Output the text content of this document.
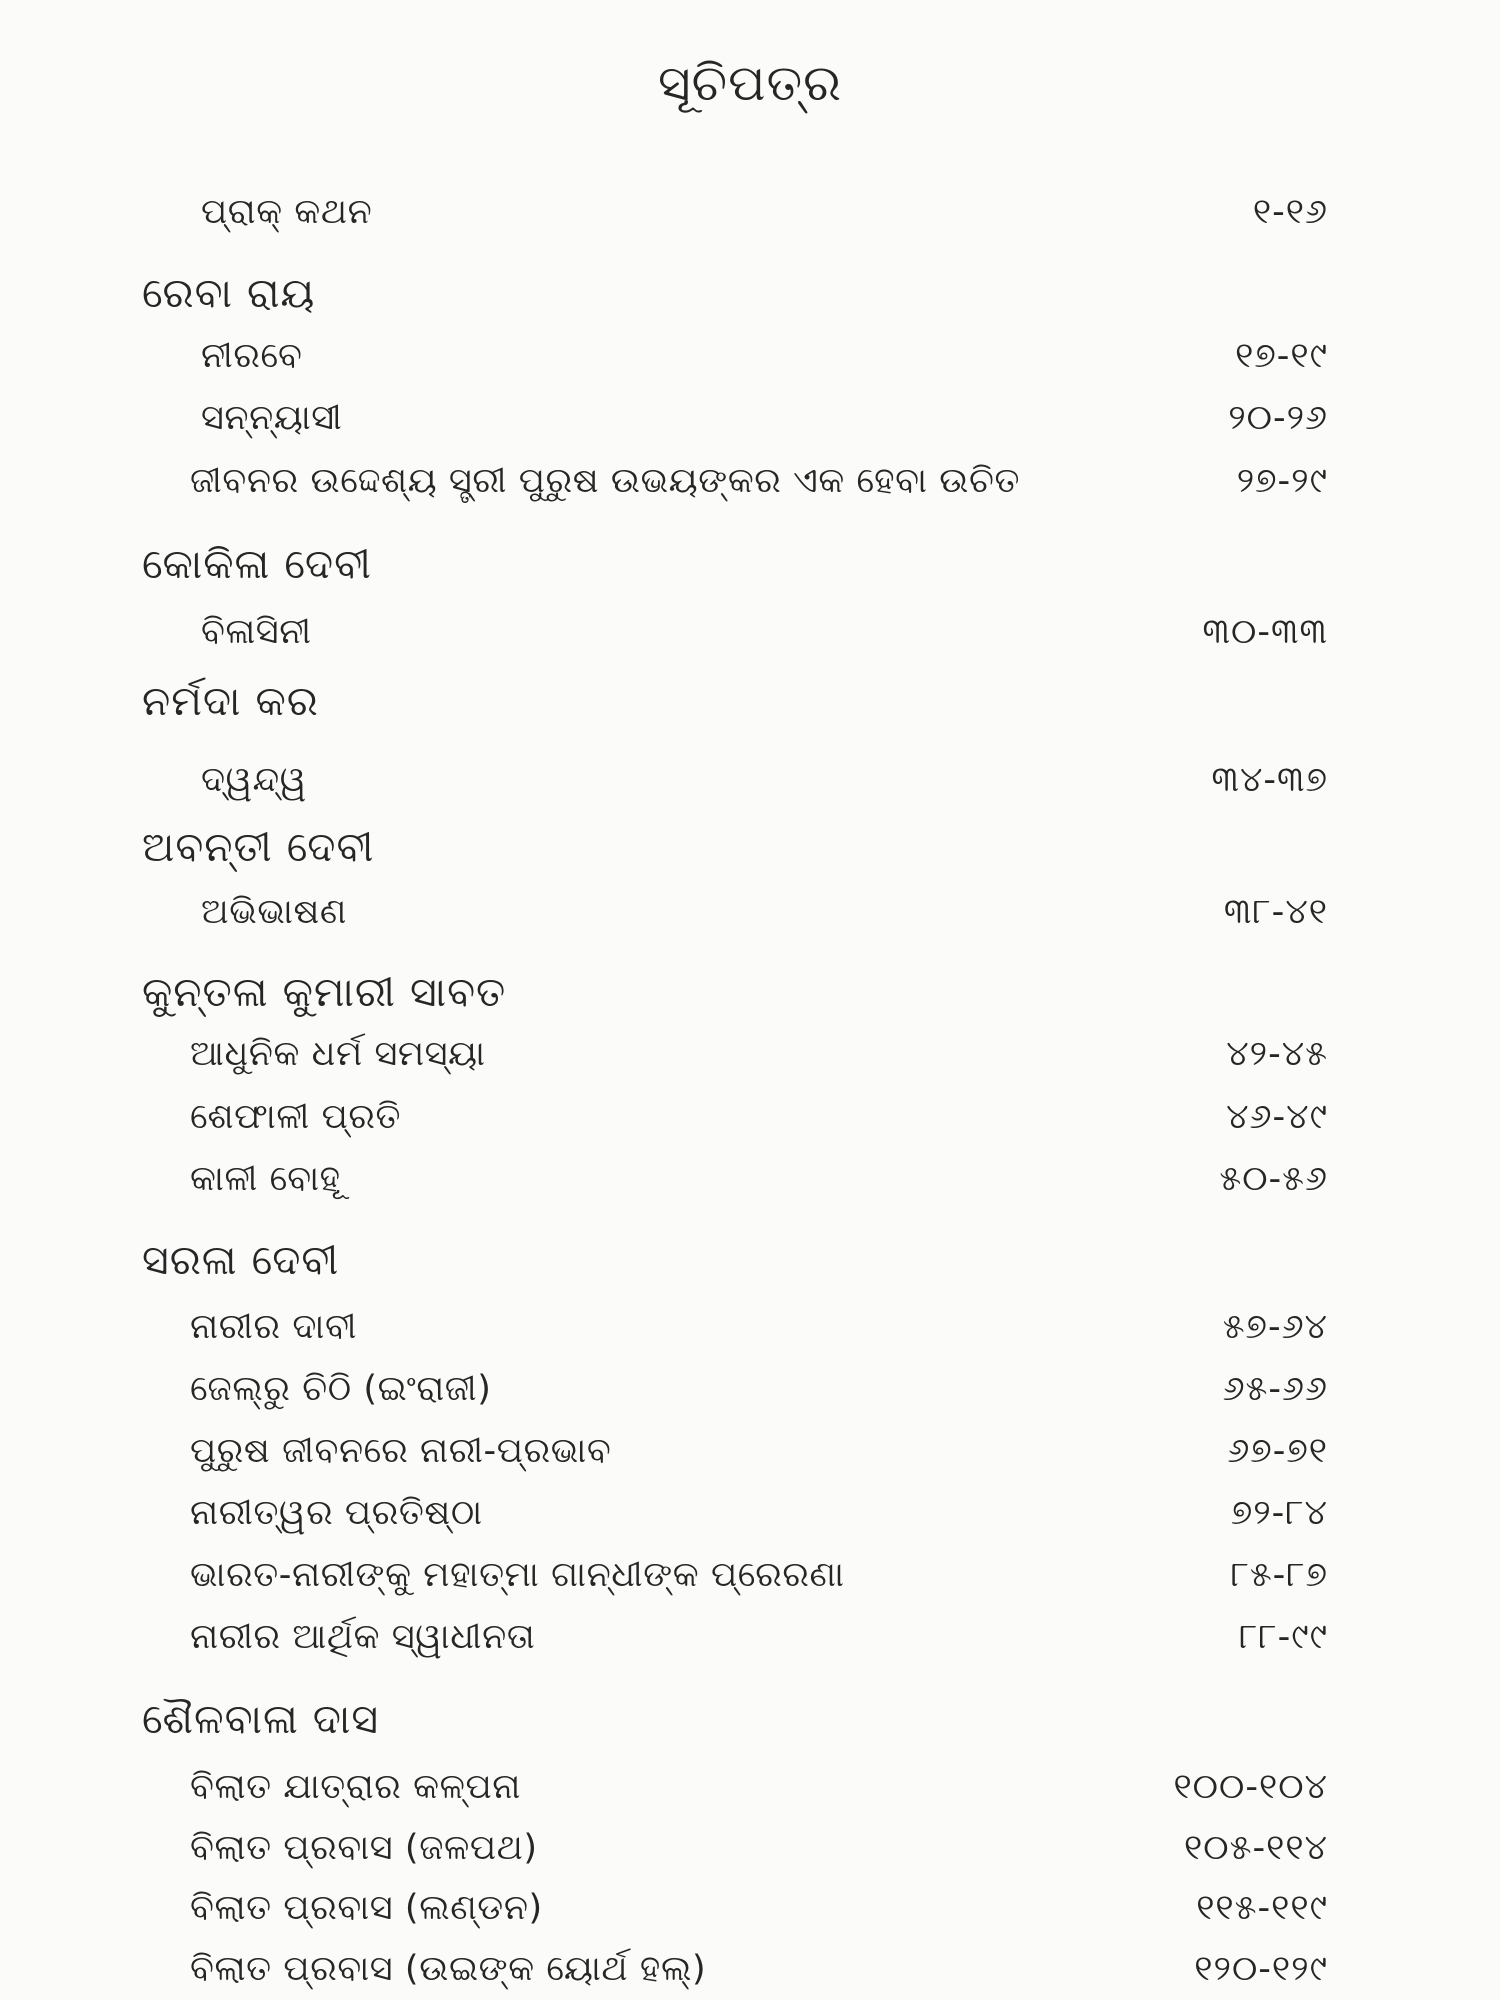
ସୂଚିପତ୍ର
ପ୍ରାକ୍ କଥନ	୧-୧୬
ରେବା ରାୟ
ନୀରବେ	୧୭-୧୯
ସନ୍ନ୍ୟାସୀ	୨୦-୨୬
ଜୀବନର ଉଦ୍ଦେଶ୍ୟ ସ୍ତ୍ରୀ ପୁରୁଷ ଉଭୟଙ୍କର ଏକ ହେବା ଉଚିତ	୨୭-୨୯
କୋକିଳା ଦେବୀ
ବିଳାସିନୀ	୩୦-୩୩
ନର୍ମଦା କର
ଦ୍ୱନ୍ଦ୍ୱ	୩୪-୩୭
ଅବନ୍ତୀ ଦେବୀ
ଅଭିଭାଷଣ	୩୮-୪୧
କୁନ୍ତଳା କୁମାରୀ ସାବତ
ଆଧୁନିକ ଧର୍ମ ସମସ୍ୟା	୪୨-୪୫
ଶେଫାଳୀ ପ୍ରତି	୪୬-୪୯
କାଳୀ ବୋହୂ	୫୦-୫୬
ସରଳା ଦେବୀ
ନାରୀର ଦାବୀ	୫୭-୬୪
ଜେଲ୍‌ରୁ ଚିଠି (ଇଂରାଜୀ)	୬୫-୬୬
ପୁରୁଷ ଜୀବନରେ ନାରୀ-ପ୍ରଭାବ	୬୭-୭୧
ନାରୀତ୍ୱର ପ୍ରତିଷ୍ଠା	୭୨-୮୪
ଭାରତ-ନାରୀଙ୍କୁ ମହାତ୍ମା ଗାନ୍ଧୀଙ୍କ ପ୍ରେରଣା	୮୫-୮୭
ନାରୀର ଆର୍ଥିକ ସ୍ୱାଧୀନତା	୮୮-୯୯
ଶୈଳବାଳା ଦାସ
ବିଲାତ ଯାତ୍ରାର କଳ୍ପନା	୧୦୦-୧୦୪
ବିଲାତ ପ୍ରବାସ (ଜଳପଥ)	୧୦୫-୧୧୪
ବିଲାତ ପ୍ରବାସ (ଲଣ୍ଡନ)	୧୧୫-୧୧୯
ବିଲାତ ପ୍ରବାସ (ଉଇଙ୍କ ୟୋର୍ଥ ହଲ୍)	୧୨୦-୧୨୯
